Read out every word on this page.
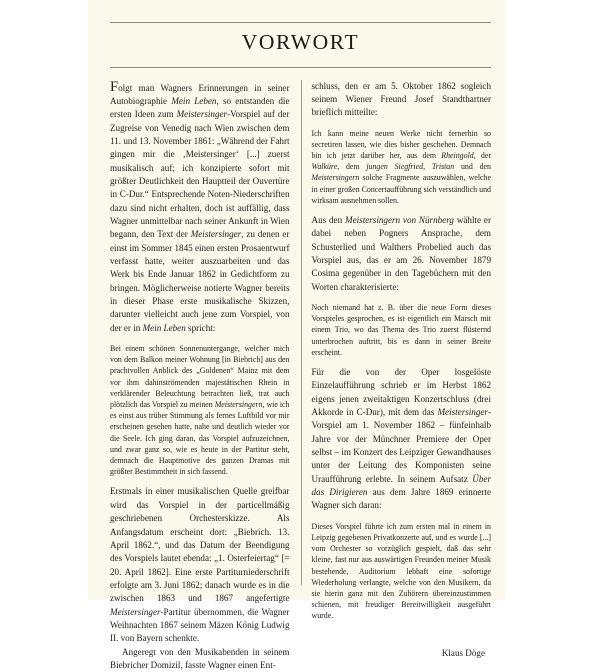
VORWORT

Folgt man Wagners Erinnerungen in seiner Autobiographie Mein Leben, so entstanden die ersten Ideen zum Meistersinger-Vorspiel auf der Zugreise von Venedig nach Wien zwischen dem 11. und 13. November 1861: „Während der Fahrt gingen mir die ‚Meistersinger‘ [...] zuerst musikalisch auf; ich konzipierte sofort mit größter Deutlichkeit den Hauptteil der Ouvertüre in C-Dur.“ Entsprechende Noten-Niederschriften dazu sind nicht erhalten, doch ist auffällig, dass Wagner unmittelbar nach seiner Ankunft in Wien begann, den Text der Meistersinger, zu denen er einst im Sommer 1845 einen ersten Prosaentwurf verfasst hatte, weiter auszuarbeiten und das Werk bis Ende Januar 1862 in Gedichtform zu bringen. Möglicherweise notierte Wagner bereits in dieser Phase erste musikalische Skizzen, darunter vielleicht auch jene zum Vorspiel, von der er in Mein Leben spricht:

Bei einem schönen Sonnenuntergange, welcher mich von dem Balkon meiner Wohnung [in Biebrich] aus den prachtvollen Anblick des „Goldenen“ Mainz mit dem vor ihm dahinströmenden majestätischen Rhein in verklärender Beleuchtung betrachten ließ, trat auch plötzlich das Vorspiel zu meinen Meistersingern, wie ich es einst aus trüber Stimmung als fernes Luftbild vor mir erscheinen gesehen hatte, nahe und deutlich wieder vor die Seele. Ich ging daran, das Vorspiel aufzuzeichnen, und zwar ganz so, wie es heute in der Partitur steht, demnach die Hauptmotive des ganzen Dramas mit größter Bestimmtheit in sich fassend.

Erstmals in einer musikalischen Quelle greifbar wird das Vorspiel in der particellmäßig geschriebenen Orchesterskizze. Als Anfangsdatum erscheint dort: „Biebrich. 13. April 1862.“, und das Datum der Beendigung des Vorspiels lautet ebenda: „1. Osterfeiertag“ [= 20. April 1862]. Eine erste Partiturniederschrift erfolgte am 3. Juni 1862; danach wurde es in die zwischen 1863 und 1867 angefertigte Meistersinger-Partitur übernommen, die Wagner Weihnachten 1867 seinem Mäzen König Ludwig II. von Bayern schenkte.

Angeregt von den Musikabenden in seinem Biebricher Domizil, fasste Wagner einen Ent-

schluss, den er am 5. Oktober 1862 sogleich seinem Wiener Freund Josef Standthartner brieflich mitteilte:

Ich kann meine neuen Werke nicht fernerhin so secretiren lassen, wie dies bisher geschehen. Demnach bin ich jetzt darüber her, aus dem Rheingold, der Walküre, dem jungen Siegfried, Tristan und den Meistersingern solche Fragmente auszuwählen, welche in einer großen Concertaufführung sich verständlich und wirksam ausnehmen sollen.

Aus den Meistersingern von Nürnberg wählte er dabei neben Pogners Ansprache, dem Schusterlied und Walthers Probelied auch das Vorspiel aus, das er am 26. November 1879 Cosima gegenüber in den Tagebüchern mit den Worten charakterisierte:

Noch niemand hat z. B. über die neue Form dieses Vorspieles gesprochen, es ist eigentlich ein Marsch mit einem Trio, wo das Thema des Trio zuerst flüsternd unterbrochen auftritt, bis es dann in seiner Breite erscheint.

Für die von der Oper losgelöste Einzelaufführung schrieb er im Herbst 1862 eigens jenen zweitaktigen Konzertschluss (drei Akkorde in C-Dur), mit dem das Meistersinger-Vorspiel am 1. November 1862 – fünfeinhalb Jahre vor der Münchner Premiere der Oper selbst – im Konzert des Leipziger Gewandhauses unter der Leitung des Komponisten seine Uraufführung erlebte. In seinem Aufsatz Über das Dirigieren aus dem Jahre 1869 erinnerte Wagner sich daran:

Dieses Vorspiel führte ich zum ersten mal in einem in Leipzig gegebenen Privatkonzerte auf, und es wurde [...] vom Orchester so vorzüglich gespielt, daß das sehr kleine, fast nur aus auswärtigen Freunden meiner Musik bestehende, Auditorium lebhaft eine sofortige Wiederholung verlangte, welche von den Musikern, da sie hierin ganz mit den Zuhörern übereinzustimmen schienen, mit freudiger Bereitwilligkeit ausgeführt wurde.

Klaus Döge
